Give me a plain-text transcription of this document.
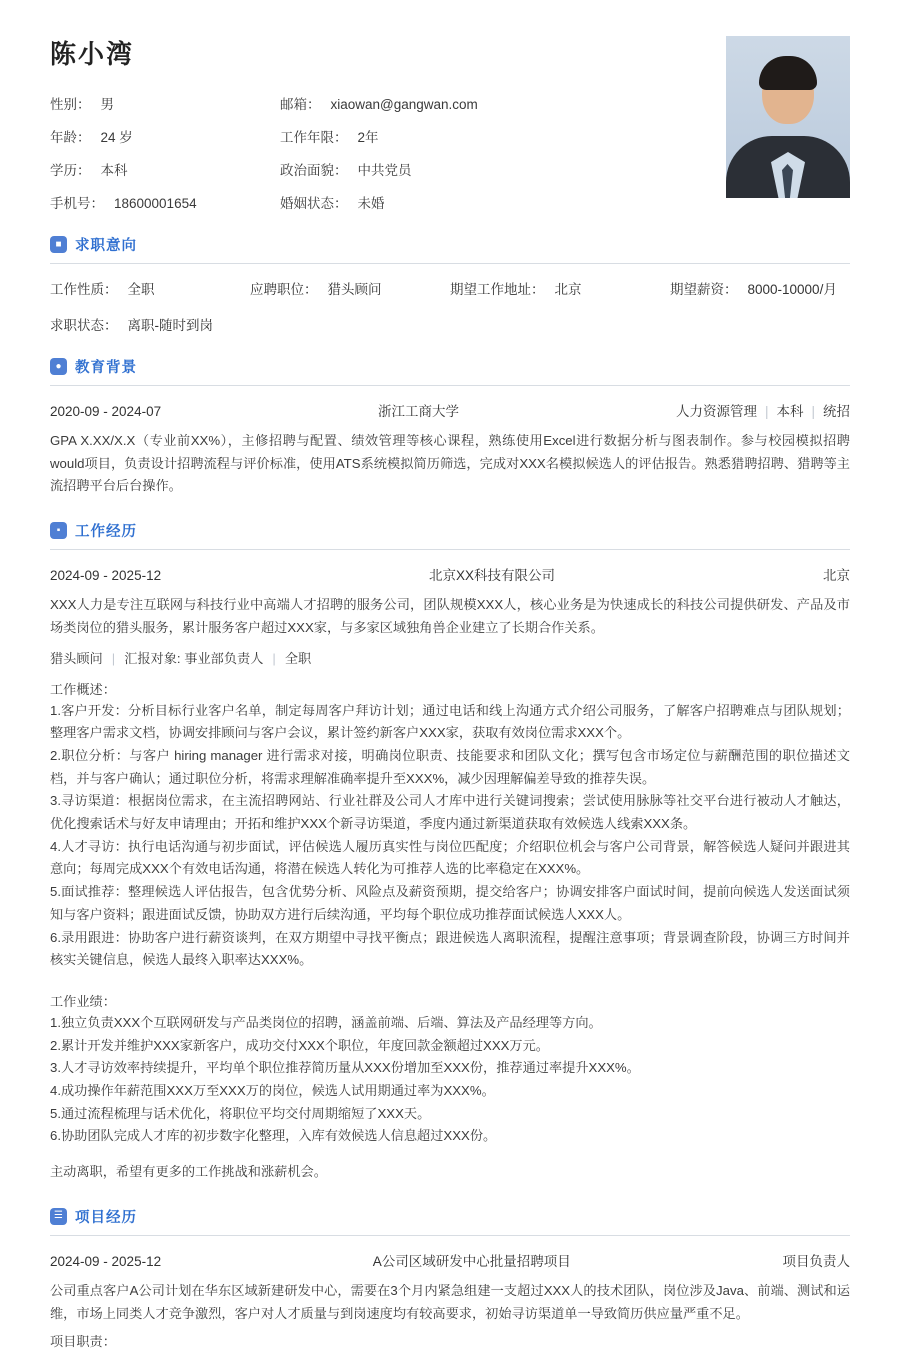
陈小湾
性别： 男	邮箱： xiaowan@gangwan.com
年龄： 24 岁	工作年限： 2年
学历： 本科	政治面貌： 中共党员
手机号： 18600001654	婚姻状态： 未婚
■ 求职意向
工作性质： 全职	应聘职位： 猎头顾问	期望工作地址： 北京	期望薪资： 8000-10000/月
求职状态： 离职-随时到岗
● 教育背景
2020-09 - 2024-07	浙江工商大学	人力资源管理 | 本科 | 统招

GPA X.XX/X.X（专业前XX%），主修招聘与配置、绩效管理等核心课程，熟练使用Excel进行数据分析与图表制作。参与校园模拟招聘would项目，负责设计招聘流程与评价标准，使用ATS系统模拟简历筛选，完成对XXX名模拟候选人的评估报告。熟悉猎聘招聘、猎聘等主流招聘平台后台操作。

▪	工作经历
2024-09 - 2025-12	北京XX科技有限公司	北京

XXX人力是专注互联网与科技行业中高端人才招聘的服务公司，团队规模XXX人，核心业务是为快速成长的科技公司提供研发、产品及市场类岗位的猎头服务，累计服务客户超过XXX家，与多家区域独角兽企业建立了长期合作关系。

猎头顾问 | 汇报对象: 事业部负责人 | 全职
工作概述：
1.客户开发：分析目标行业客户名单，制定每周客户拜访计划；通过电话和线上沟通方式介绍公司服务，了解客户招聘难点与团队规划；整理客户需求文档，协调安排顾问与客户会议，累计签约新客户XXX家，获取有效岗位需求XXX个。
2.职位分析：与客户 hiring manager 进行需求对接，明确岗位职责、技能要求和团队文化；撰写包含市场定位与薪酬范围的职位描述文档，并与客户确认；通过职位分析，将需求理解准确率提升至XXX%，减少因理解偏差导致的推荐失误。
3.寻访渠道：根据岗位需求，在主流招聘网站、行业社群及公司人才库中进行关键词搜索；尝试使用脉脉等社交平台进行被动人才触达，优化搜索话术与好友申请理由；开拓和维护XXX个新寻访渠道，季度内通过新渠道获取有效候选人线索XXX条。
4.人才寻访：执行电话沟通与初步面试，评估候选人履历真实性与岗位匹配度；介绍职位机会与客户公司背景，解答候选人疑问并跟进其意向；每周完成XXX个有效电话沟通，将潜在候选人转化为可推荐人选的比率稳定在XXX%。
5.面试推荐：整理候选人评估报告，包含优势分析、风险点及薪资预期，提交给客户；协调安排客户面试时间，提前向候选人发送面试须知与客户资料；跟进面试反馈，协助双方进行后续沟通，平均每个职位成功推荐面试候选人XXX人。
6.录用跟进：协助客户进行薪资谈判，在双方期望中寻找平衡点；跟进候选人离职流程，提醒注意事项；背景调查阶段，协调三方时间并核实关键信息，候选人最终入职率达XXX%。
工作业绩：
1.独立负责XXX个互联网研发与产品类岗位的招聘，涵盖前端、后端、算法及产品经理等方向。
2.累计开发并维护XXX家新客户，成功交付XXX个职位，年度回款金额超过XXX万元。
3.人才寻访效率持续提升，平均单个职位推荐简历量从XXX份增加至XXX份，推荐通过率提升XXX%。
4.成功操作年薪范围XXX万至XXX万的岗位，候选人试用期通过率为XXX%。
5.通过流程梳理与话术优化，将职位平均交付周期缩短了XXX天。
6.协助团队完成人才库的初步数字化整理，入库有效候选人信息超过XXX份。
主动离职，希望有更多的工作挑战和涨薪机会。
☰ 项目经历
2024-09 - 2025-12	A公司区域研发中心批量招聘项目	项目负责人

公司重点客户A公司计划在华东区域新建研发中心，需要在3个月内紧急组建一支超过XXX人的技术团队，岗位涉及Java、前端、测试和运维，市场上同类人才竞争激烈，客户对人才质量与到岗速度均有较高要求，初始寻访渠道单一导致简历供应量严重不足。

项目职责：
